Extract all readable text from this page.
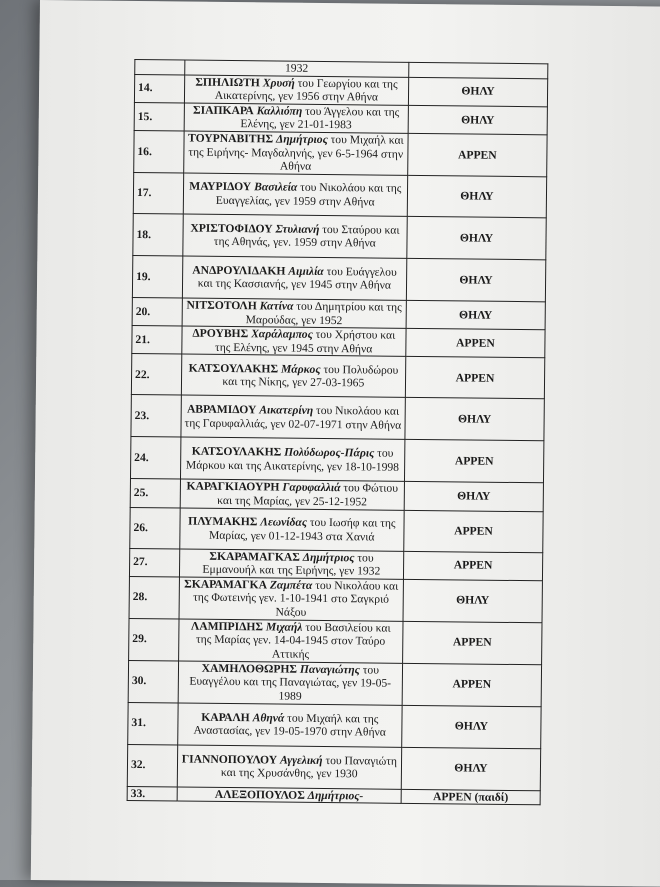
	1932	
14.	ΣΠΗΛΙΩΤΗ Χρυσή του Γεωργίου και της Αικατερίνης, γεν 1956 στην Αθήνα	ΘΗΛΥ
15.	ΣΙΑΠΚΑΡΑ Καλλιόπη του Άγγελου και της Ελένης, γεν 21-01-1983	ΘΗΛΥ
16.	ΤΟΥΡΝΑΒΙΤΗΣ Δημήτριος του Μιχαήλ και της Ειρήνης- Μαγδαληνής, γεν 6-5-1964 στην Αθήνα	ΑΡΡΕΝ
17.	ΜΑΥΡΙΔΟΥ Βασιλεία του Νικολάου και της Ευαγγελίας, γεν 1959 στην Αθήνα	ΘΗΛΥ
18.	ΧΡΙΣΤΟΦΙΔΟΥ Στυλιανή του Σταύρου και της Αθηνάς, γεν. 1959 στην Αθήνα	ΘΗΛΥ
19.	ΑΝΔΡΟΥΛΙΔΑΚΗ Αιμιλία του Ευάγγελου και της Κασσιανής, γεν 1945 στην Αθήνα	ΘΗΛΥ
20.	ΝΙΤΣΟΤΟΛΗ Κατίνα του Δημητρίου και της Μαρούδας, γεν 1952	ΘΗΛΥ
21.	ΔΡΟΥΒΗΣ Χαράλαμπος του Χρήστου και της Ελένης, γεν 1945 στην Αθήνα	ΑΡΡΕΝ
22.	ΚΑΤΣΟΥΛΑΚΗΣ Μάρκος του Πολυδώρου και της Νίκης, γεν 27-03-1965	ΑΡΡΕΝ
23.	ΑΒΡΑΜΙΔΟΥ Αικατερίνη του Νικολάου και της Γαρυφαλλιάς, γεν 02-07-1971 στην Αθήνα	ΘΗΛΥ
24.	ΚΑΤΣΟΥΛΑΚΗΣ Πολύδωρος-Πάρις του Μάρκου και της Αικατερίνης, γεν 18-10-1998	ΑΡΡΕΝ
25.	ΚΑΡΑΓΚΙΑΟΥΡΗ Γαρυφαλλιά του Φώτιου και της Μαρίας, γεν 25-12-1952	ΘΗΛΥ
26.	ΠΛΥΜΑΚΗΣ Λεωνίδας του Ιωσήφ και της Μαρίας, γεν 01-12-1943 στα Χανιά	ΑΡΡΕΝ
27.	ΣΚΑΡΑΜΑΓΚΑΣ Δημήτριος του Εμμανουήλ και της Ειρήνης, γεν 1932	ΑΡΡΕΝ
28.	ΣΚΑΡΑΜΑΓΚΑ Ζαμπέτα του Νικολάου και της Φωτεινής γεν. 1-10-1941 στο Σαγκριό Νάξου	ΘΗΛΥ
29.	ΛΑΜΠΡΙΔΗΣ Μιχαήλ του Βασιλείου και της Μαρίας γεν. 14-04-1945 στον Ταύρο Αττικής	ΑΡΡΕΝ
30.	ΧΑΜΗΛΟΘΩΡΗΣ Παναγιώτης του Ευαγγέλου και της Παναγιώτας, γεν 19-05-1989	ΑΡΡΕΝ
31.	ΚΑΡΑΛΗ Αθηνά του Μιχαήλ και της Αναστασίας, γεν 19-05-1970 στην Αθήνα	ΘΗΛΥ
32.	ΓΙΑΝΝΟΠΟΥΛΟΥ Αγγελική του Παναγιώτη και της Χρυσάνθης, γεν 1930	ΘΗΛΥ
33.	ΑΛΕΞΟΠΟΥΛΟΣ Δημήτριος-	ΑΡΡΕΝ (παιδί)
